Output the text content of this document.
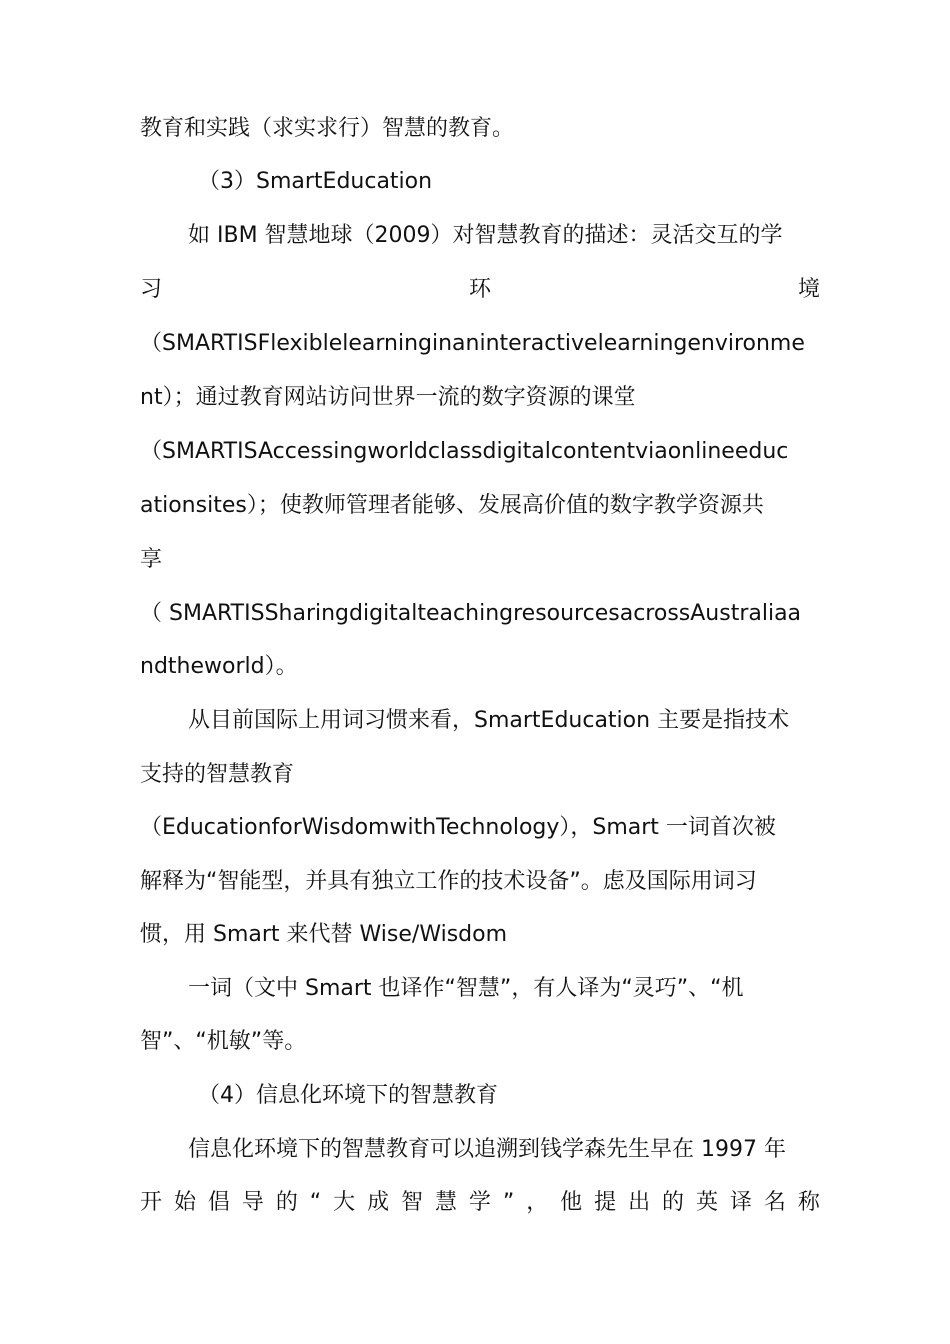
教育和实践（求实求行）智慧的教育。
（3）SmartEducation
如 IBM 智慧地球（2009）对智慧教育的描述：灵活交互的学
习	环	境
（SMARTISFlexiblelearninginaninteractivelearningenvironme
nt）；通过教育网站访问世界一流的数字资源的课堂
（SMARTISAccessingworldclassdigitalcontentviaonlineeduc
ationsites）；使教师管理者能够、发展高价值的数字教学资源共
享
（ SMARTISSharingdigitalteachingresourcesacrossAustraliaa
ndtheworld）。
从目前国际上用词习惯来看，SmartEducation 主要是指技术
支持的智慧教育
（EducationforWisdomwithTechnology），Smart 一词首次被
解释为“智能型，并具有独立工作的技术设备”。虑及国际用词习
惯，用 Smart 来代替 Wise/Wisdom
一词（文中 Smart 也译作“智慧”，有人译为“灵巧”、“机
智”、“机敏”等。
（4）信息化环境下的智慧教育
信息化环境下的智慧教育可以追溯到钱学森先生早在 1997 年
开 始 倡 导 的 “ 大 成 智 慧 学 ” ， 他 提 出 的 英 译 名 称
